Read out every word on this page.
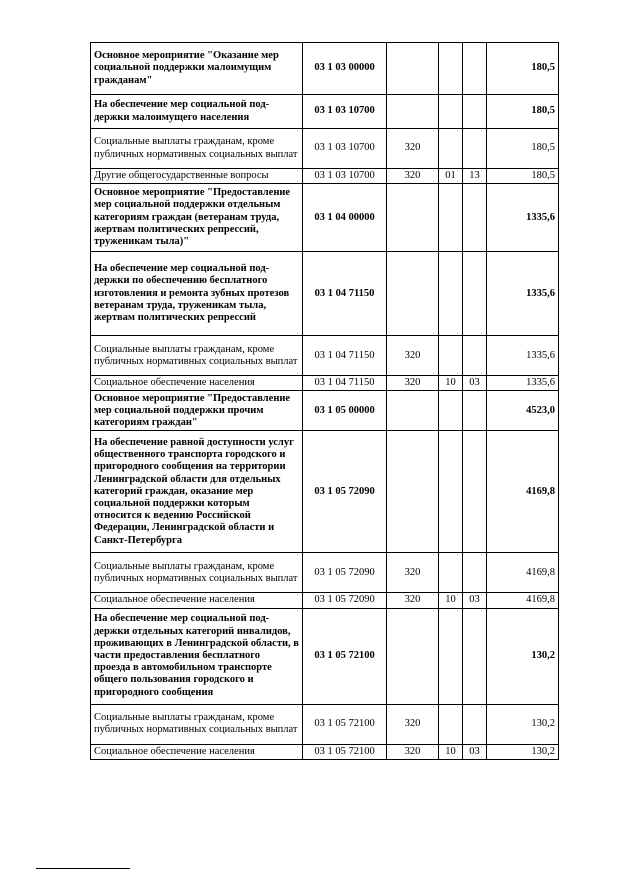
Основное мероприятие "Оказание мер социальной поддержки малоимущим гражданам"	03 1 03 00000				180,5
На обеспечение мер социальной поддержки малоимущего населения	03 1 03 10700				180,5
Социальные выплаты гражданам, кроме публичных нормативных социальных выплат	03 1 03 10700	320			180,5
Другие общегосударственные вопросы	03 1 03 10700	320	01	13	180,5
Основное мероприятие "Предоставление мер социальной поддержки отдельным категориям граждан (ветеранам труда, жертвам политических репрессий, труженикам тыла)"	03 1 04 00000				1335,6
На обеспечение мер социальной поддержки по обеспечению бесплатного изготовления и ремонта зубных протезов ветеранам труда, труженикам тыла, жертвам политических репрессий	03 1 04 71150				1335,6
Социальные выплаты гражданам, кроме публичных нормативных социальных выплат	03 1 04 71150	320			1335,6
Социальное обеспечение населения	03 1 04 71150	320	10	03	1335,6
Основное мероприятие "Предоставление мер социальной поддержки прочим категориям граждан"	03 1 05 00000				4523,0
На обеспечение равной доступности услуг общественного транспорта городского и пригородного сообщения на территории Ленинградской области для отдельных категорий граждан, оказание мер социальной поддержки которым относится к ведению Российской Федерации, Ленинградской области и Санкт-Петербурга	03 1 05 72090				4169,8
Социальные выплаты гражданам, кроме публичных нормативных социальных выплат	03 1 05 72090	320			4169,8
Социальное обеспечение населения	03 1 05 72090	320	10	03	4169,8
На обеспечение мер социальной поддержки отдельных категорий инвалидов, проживающих в Ленинградской области, в части предоставления бесплатного проезда в автомобильном транспорте общего пользования городского и пригородного сообщения	03 1 05 72100				130,2
Социальные выплаты гражданам, кроме публичных нормативных социальных выплат	03 1 05 72100	320			130,2
Социальное обеспечение населения	03 1 05 72100	320	10	03	130,2
